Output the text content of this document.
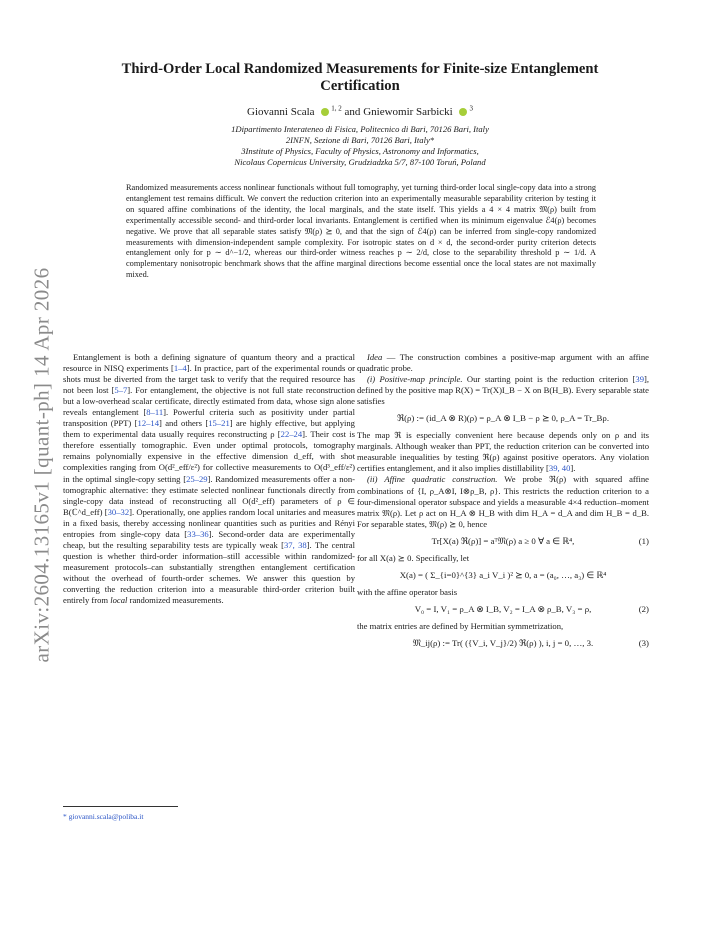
arXiv:2604.13165v1 [quant-ph] 14 Apr 2026
Third-Order Local Randomized Measurements for Finite-size Entanglement Certification
Giovanni Scala $^{1, 2}$ and Gniewomir Sarbicki $^3$
1Dipartimento Interateneo di Fisica, Politecnico di Bari, 70126 Bari, Italy
2INFN, Sezione di Bari, 70126 Bari, Italy*
3Institute of Physics, Faculty of Physics, Astronomy and Informatics,
Nicolaus Copernicus University, Grudziadzka 5/7, 87-100 Toruń, Poland
Randomized measurements access nonlinear functionals without full tomography, yet turning third-order local single-copy data into a strong entanglement test remains difficult. We convert the reduction criterion into an experimentally measurable separability criterion by testing it on squared affine combinations of the identity, the local marginals, and the state itself. This yields a 4 × 4 matrix 𝔐(ρ) built from experimentally accessible second- and third-order local invariants. Entanglement is certified when its minimum eigenvalue ℰ4(ρ) becomes negative. We prove that all separable states satisfy 𝔐(ρ) ⪰ 0, and that the sign of ℰ4(ρ) can be inferred from single-copy randomized measurements with dimension-independent sample complexity. For isotropic states on d × d, the second-order purity criterion detects entanglement only for p ∼ d^−1/2, whereas our third-order witness reaches p ∼ 2/d, close to the separability threshold p ∼ 1/d. A complementary nonisotropic benchmark shows that the affine marginal directions become essential once the local states are not maximally mixed.

Entanglement is both a defining signature of quantum theory and a practical resource in NISQ experiments [1–4]. In practice, part of the experimental rounds or shots must be diverted from the target task to verify that the required resource has not been lost [5–7]. For entanglement, the objective is not full state reconstruction but a low-overhead scalar certificate, directly estimated from data, whose sign alone reveals entanglement [8–11]. Powerful criteria such as positivity under partial transposition (PPT) [12–14] and others [15–21] are highly effective, but applying them to experimental data usually requires reconstructing ρ [22–24]. Their cost is therefore essentially tomographic. Even under optimal protocols, tomography remains polynomially expensive in the effective dimension d_eff, with shot complexities ranging from O(d²_eff/ε²) for collective measurements to O(d³_eff/ε²) in the optimal single-copy setting [25–29]. Randomized measurements offer a non-tomographic alternative: they estimate selected nonlinear functionals directly from single-copy data instead of reconstructing all O(d²_eff) parameters of ρ ∈ B(ℂ^d_eff) [30–32]. Operationally, one applies random local unitaries and measures in a fixed basis, thereby accessing nonlinear quantities such as purities and Rényi entropies from single-copy data [33–36]. Second-order data are experimentally cheap, but the resulting separability tests are typically weak [37, 38]. The central question is whether third-order information–still accessible within randomized-measurement protocols–can substantially strengthen entanglement certification without the overhead of fourth-order schemes. We answer this question by converting the reduction criterion into a measurable third-order criterion built entirely from local randomized measurements.

* giovanni.scala@poliba.it

Idea — The construction combines a positive-map argument with an affine quadratic probe.

(i) Positive-map principle. Our starting point is the reduction criterion [39], defined by the positive map R(X) = Tr(X)I_B − X on B(H_B). Every separable state satisfies

ℜ(ρ) := (id_A ⊗ R)(ρ) = ρ_A ⊗ I_B − ρ ⪰ 0, ρ_A = Tr_Bρ.

The map ℜ is especially convenient here because depends only on ρ and its marginals. Although weaker than PPT, the reduction criterion can be converted into measurable inequalities by testing ℜ(ρ) against positive operators. Any violation certifies entanglement, and it also implies distillability [39, 40].

(ii) Affine quadratic construction. We probe ℜ(ρ) with squared affine combinations of {I, ρ_A⊗I, I⊗ρ_B, ρ}. This restricts the reduction criterion to a four-dimensional operator subspace and yields a measurable 4×4 reduction–moment matrix 𝔐(ρ). Let ρ act on H_A ⊗ H_B with dim H_A = d_A and dim H_B = d_B. For separable states, 𝔐(ρ) ⪰ 0, hence

Tr[X(a) ℜ(ρ)] = aᵀ𝔐(ρ) a ≥ 0 ∀ a ∈ ℝ⁴,	(1)

for all X(a) ⪰ 0. Specifically, let

X(a) = ( Σ_{i=0}^{3} a_i V_i )² ⪰ 0, a = (a₀, …, a₃) ∈ ℝ⁴

with the affine operator basis

V₀ = I, V₁ = ρ_A ⊗ I_B, V₂ = I_A ⊗ ρ_B, V₃ = ρ,	(2)

the matrix entries are defined by Hermitian symmetrization,

𝔐_ij(ρ) := Tr( ({V_i, V_j}/2) ℜ(ρ) ), i, j = 0, …, 3.	(3)
